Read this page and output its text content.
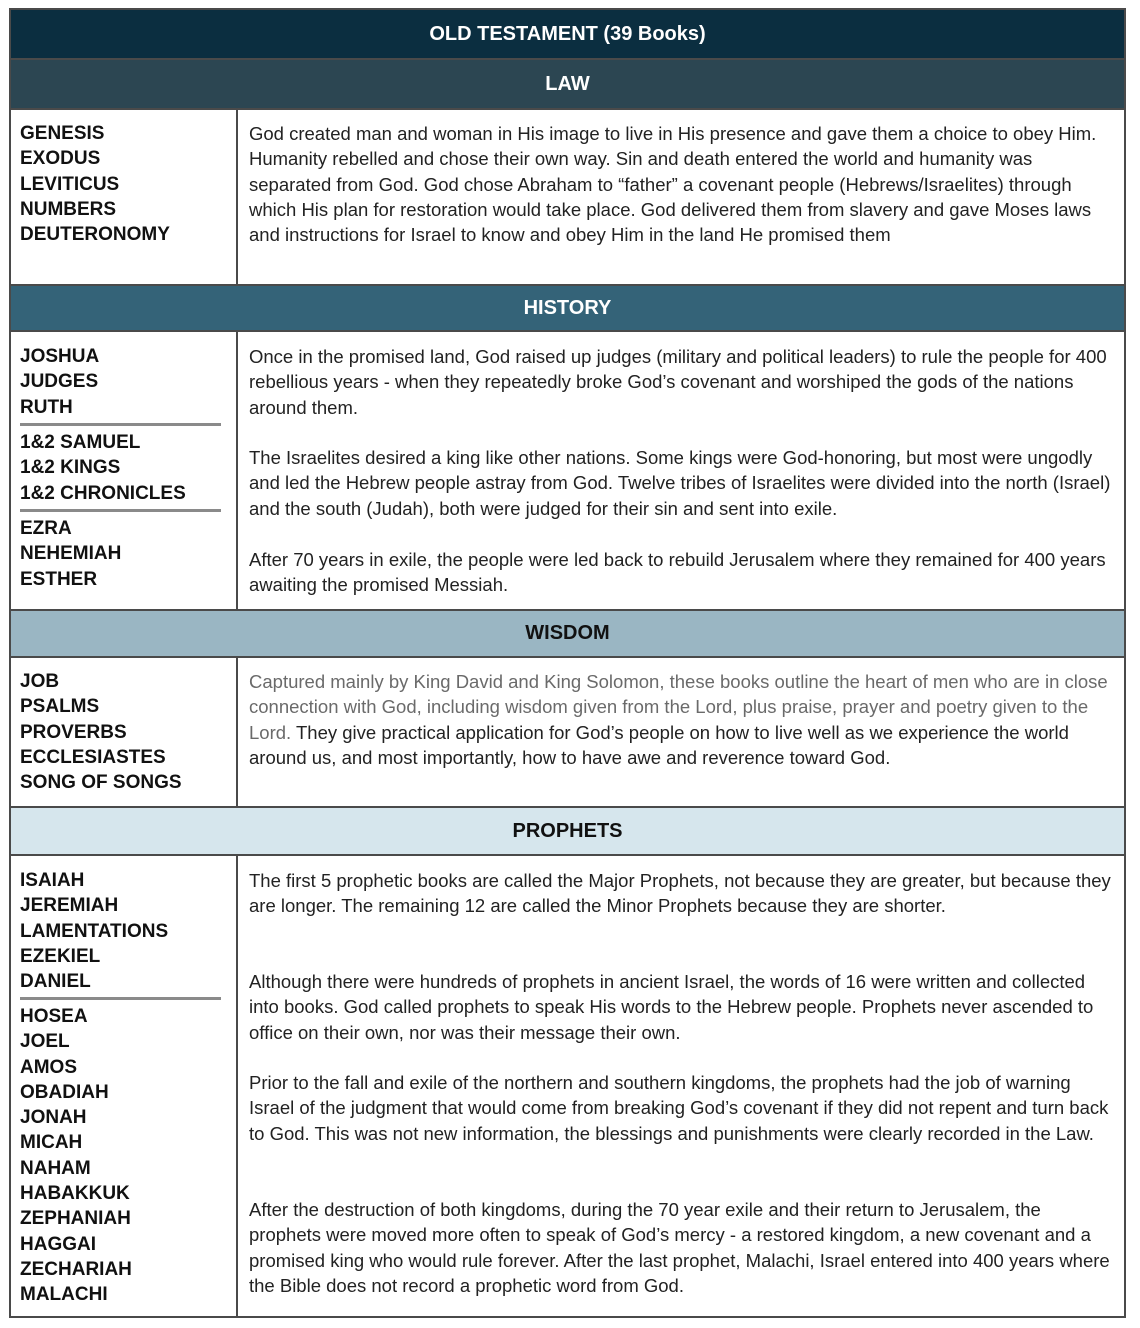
OLD TESTAMENT (39 Books)
LAW
GENESIS
EXODUS
LEVITICUS
NUMBERS
DEUTERONOMY
God created man and woman in His image to live in His presence and gave them a choice to obey Him. Humanity rebelled and chose their own way. Sin and death entered the world and humanity was separated from God. God chose Abraham to “father” a covenant people (Hebrews/Israelites) through which His plan for restoration would take place. God delivered them from slavery and gave Moses laws and instructions for Israel to know and obey Him in the land He promised them
HISTORY
JOSHUA
JUDGES
RUTH
1&2 SAMUEL
1&2 KINGS
1&2 CHRONICLES
EZRA
NEHEMIAH
ESTHER
Once in the promised land, God raised up judges (military and political leaders) to rule the people for 400 rebellious years - when they repeatedly broke God’s covenant and worshiped the gods of the nations around them.
The Israelites desired a king like other nations. Some kings were God-honoring, but most were ungodly and led the Hebrew people astray from God. Twelve tribes of Israelites were divided into the north (Israel) and the south (Judah), both were judged for their sin and sent into exile.
After 70 years in exile, the people were led back to rebuild Jerusalem where they remained for 400 years awaiting the promised Messiah.
WISDOM
JOB
PSALMS
PROVERBS
ECCLESIASTES
SONG OF SONGS
Captured mainly by King David and King Solomon, these books outline the heart of men who are in close connection with God, including wisdom given from the Lord, plus praise, prayer and poetry given to the Lord. They give practical application for God’s people on how to live well as we experience the world around us, and most importantly, how to have awe and reverence toward God.
PROPHETS
ISAIAH
JEREMIAH
LAMENTATIONS
EZEKIEL
DANIEL
HOSEA
JOEL
AMOS
OBADIAH
JONAH
MICAH
NAHAM
HABAKKUK
ZEPHANIAH
HAGGAI
ZECHARIAH
MALACHI
The first 5 prophetic books are called the Major Prophets, not because they are greater, but because they are longer. The remaining 12 are called the Minor Prophets because they are shorter.
Although there were hundreds of prophets in ancient Israel, the words of 16 were written and collected into books. God called prophets to speak His words to the Hebrew people. Prophets never ascended to office on their own, nor was their message their own.
Prior to the fall and exile of the northern and southern kingdoms, the prophets had the job of warning Israel of the judgment that would come from breaking God’s covenant if they did not repent and turn back to God. This was not new information, the blessings and punishments were clearly recorded in the Law.
After the destruction of both kingdoms, during the 70 year exile and their return to Jerusalem, the prophets were moved more often to speak of God’s mercy - a restored kingdom, a new covenant and a promised king who would rule forever. After the last prophet, Malachi, Israel entered into 400 years where the Bible does not record a prophetic word from God.
